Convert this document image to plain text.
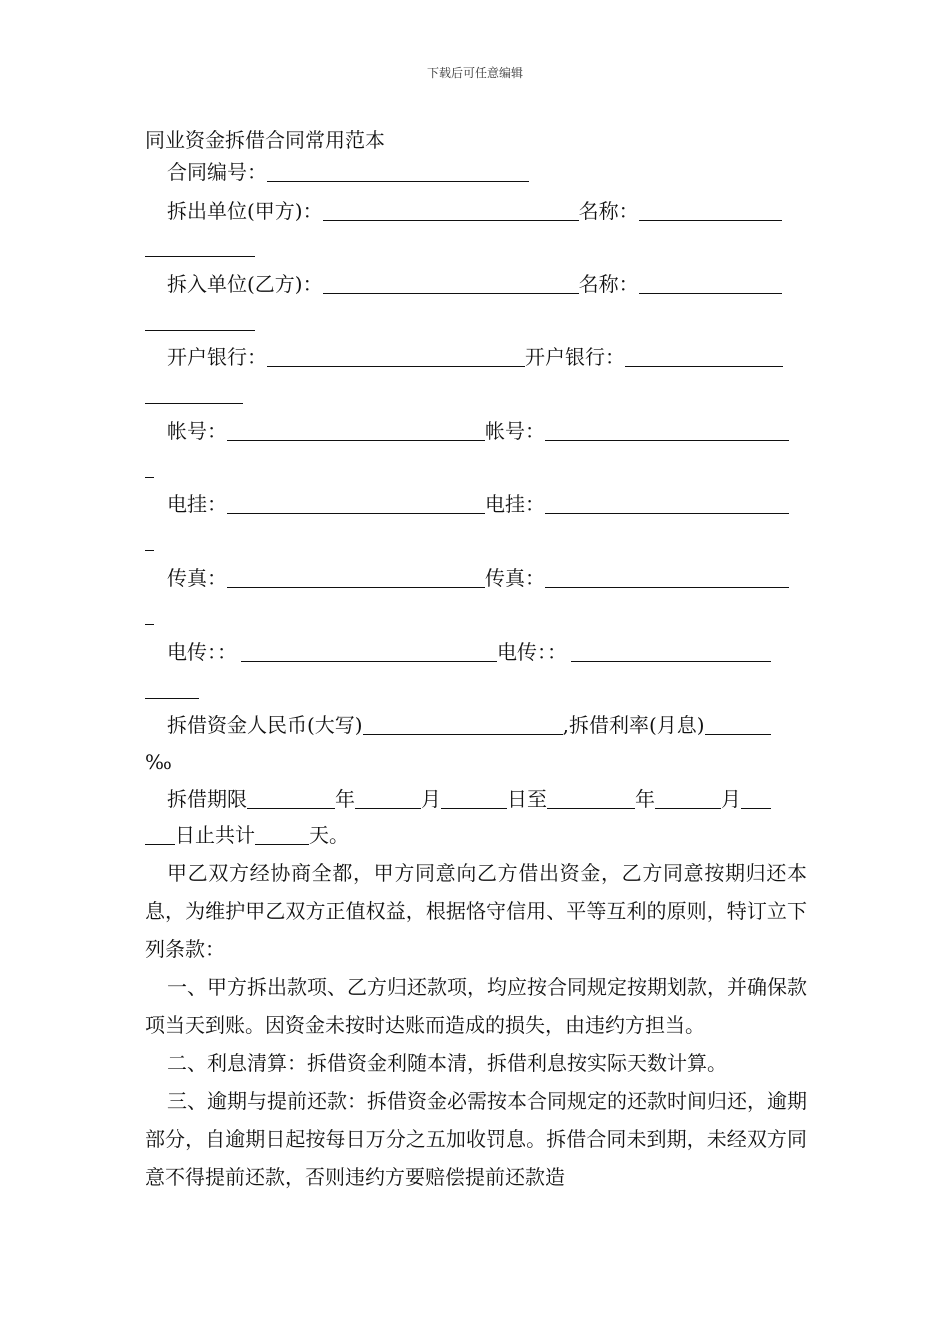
下载后可任意编辑
同业资金拆借合同常用范本
合同编号：
拆出单位(甲方)：	名称：
拆入单位(乙方)：	名称：
开户银行：	开户银行：
帐号：	帐号：
电挂：	电挂：
传真：	传真：
电传：：	电传：：
拆借资金人民币(大写)	,拆借利率(月息)
‰
拆借期限	年	月	日至	年	月
日止共计	天。

甲乙双方经协商全都，甲方同意向乙方借出资金，乙方同意按期归还本息，为维护甲乙双方正值权益，根据恪守信用、平等互利的原则，特订立下列条款：

一、甲方拆出款项、乙方归还款项，均应按合同规定按期划款，并确保款项当天到账。因资金未按时达账而造成的损失，由违约方担当。

二、利息清算：拆借资金利随本清，拆借利息按实际天数计算。

三、逾期与提前还款：拆借资金必需按本合同规定的还款时间归还，逾期部分，自逾期日起按每日万分之五加收罚息。拆借合同未到期，未经双方同意不得提前还款，否则违约方要赔偿提前还款造
